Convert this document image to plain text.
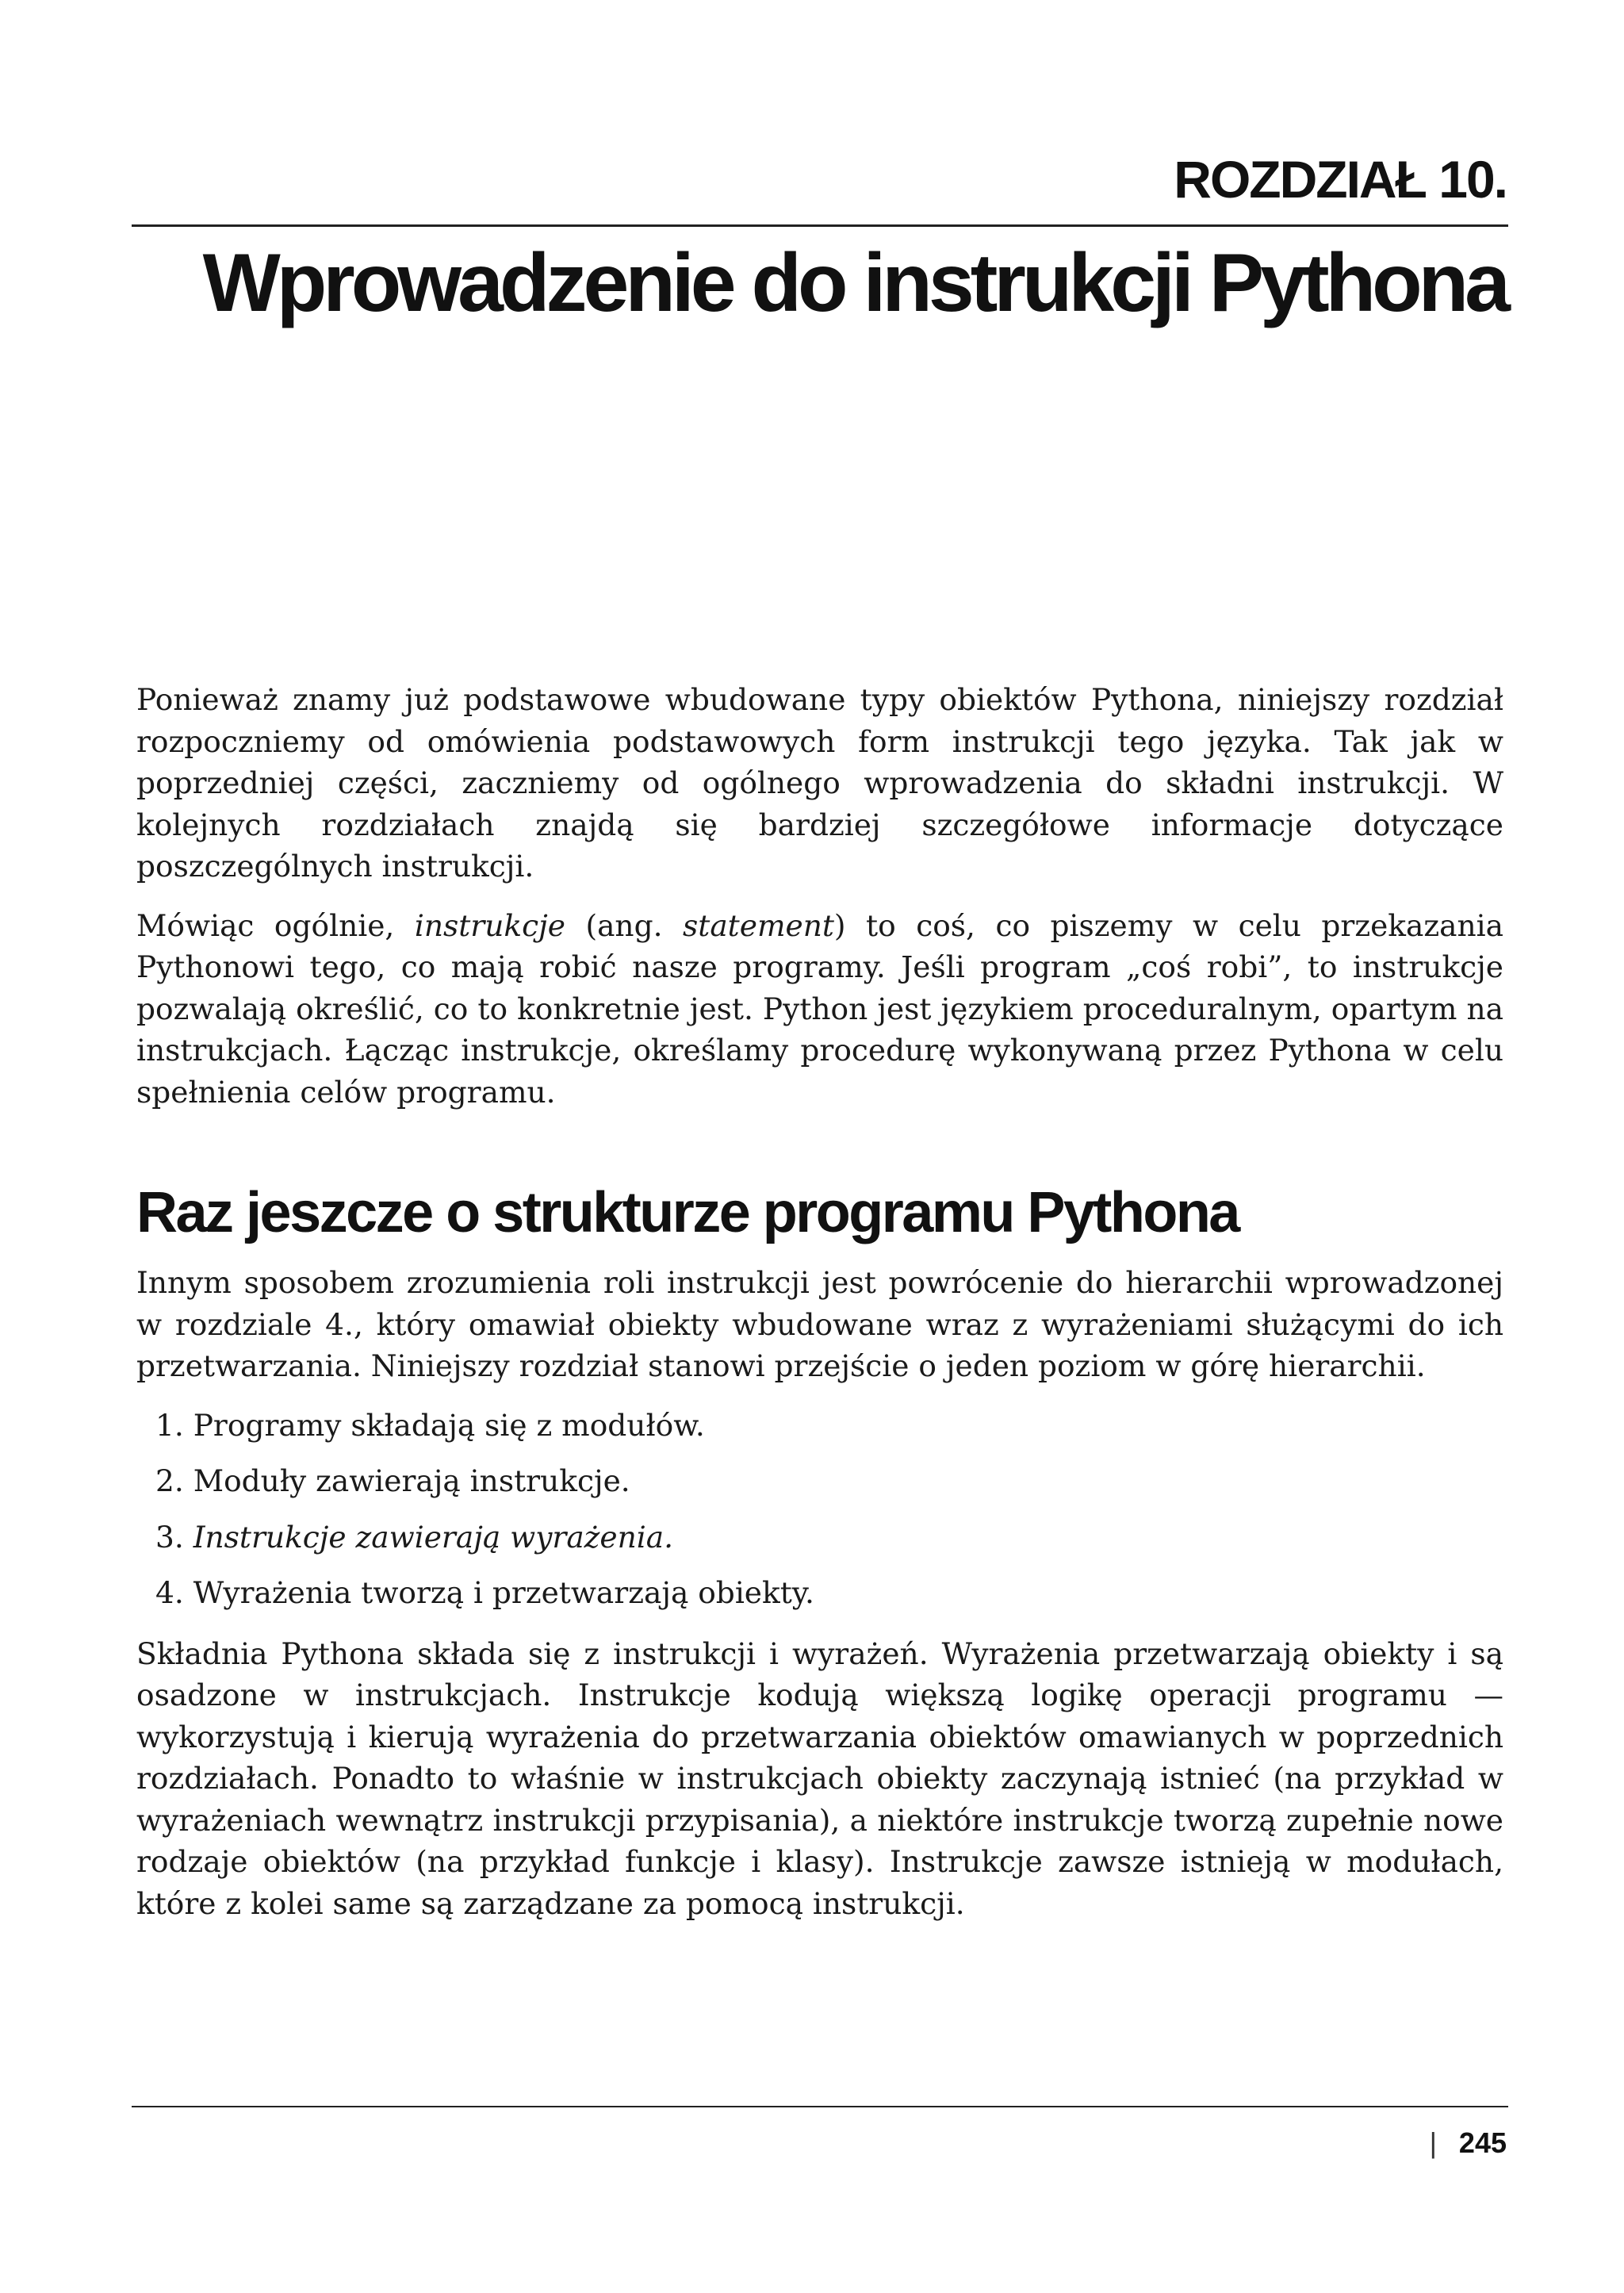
ROZDZIAŁ 10.
Wprowadzenie do instrukcji Pythona

Ponieważ znamy już podstawowe wbudowane typy obiektów Pythona, niniejszy rozdział rozpoczniemy od omówienia podstawowych form instrukcji tego języka. Tak jak w poprzedniej części, zaczniemy od ogólnego wprowadzenia do składni instrukcji. W kolejnych rozdziałach znajdą się bardziej szczegółowe informacje dotyczące poszczególnych instrukcji.

Mówiąc ogólnie, instrukcje (ang. statement) to coś, co piszemy w celu przekazania Pythonowi tego, co mają robić nasze programy. Jeśli program „coś robi”, to instrukcje pozwalają określić, co to konkretnie jest. Python jest językiem proceduralnym, opartym na instrukcjach. Łącząc instrukcje, określamy procedurę wykonywaną przez Pythona w celu spełnienia celów programu.

Raz jeszcze o strukturze programu Pythona

Innym sposobem zrozumienia roli instrukcji jest powrócenie do hierarchii wprowadzonej w rozdziale 4., który omawiał obiekty wbudowane wraz z wyrażeniami służącymi do ich przetwarzania. Niniejszy rozdział stanowi przejście o jeden poziom w górę hierarchii.

1. Programy składają się z modułów.
2. Moduły zawierają instrukcje.
3. Instrukcje zawierają wyrażenia.
4. Wyrażenia tworzą i przetwarzają obiekty.

Składnia Pythona składa się z instrukcji i wyrażeń. Wyrażenia przetwarzają obiekty i są osadzone w instrukcjach. Instrukcje kodują większą logikę operacji programu — wykorzystują i kierują wyrażenia do przetwarzania obiektów omawianych w poprzednich rozdziałach. Ponadto to właśnie w instrukcjach obiekty zaczynają istnieć (na przykład w wyrażeniach wewnątrz instrukcji przypisania), a niektóre instrukcje tworzą zupełnie nowe rodzaje obiektów (na przykład funkcje i klasy). Instrukcje zawsze istnieją w modułach, które z kolei same są zarządzane za pomocą instrukcji.

| 245
